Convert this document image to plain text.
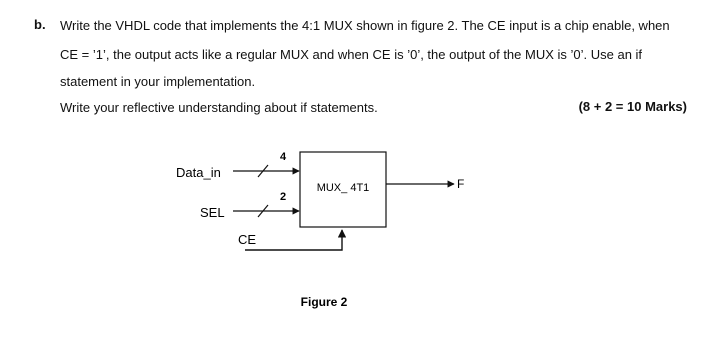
b. Write the VHDL code that implements the 4:1 MUX shown in figure 2. The CE input is a chip enable, when
CE = ’1’, the output acts like a regular MUX and when CE is ’0’, the output of the MUX is ’0’. Use an if
statement in your implementation.
Write your reflective understanding about if statements.	(8 + 2 = 10 Marks)
Data_in
4
SEL
2
CE
MUX_ 4T1	F
Figure 2
